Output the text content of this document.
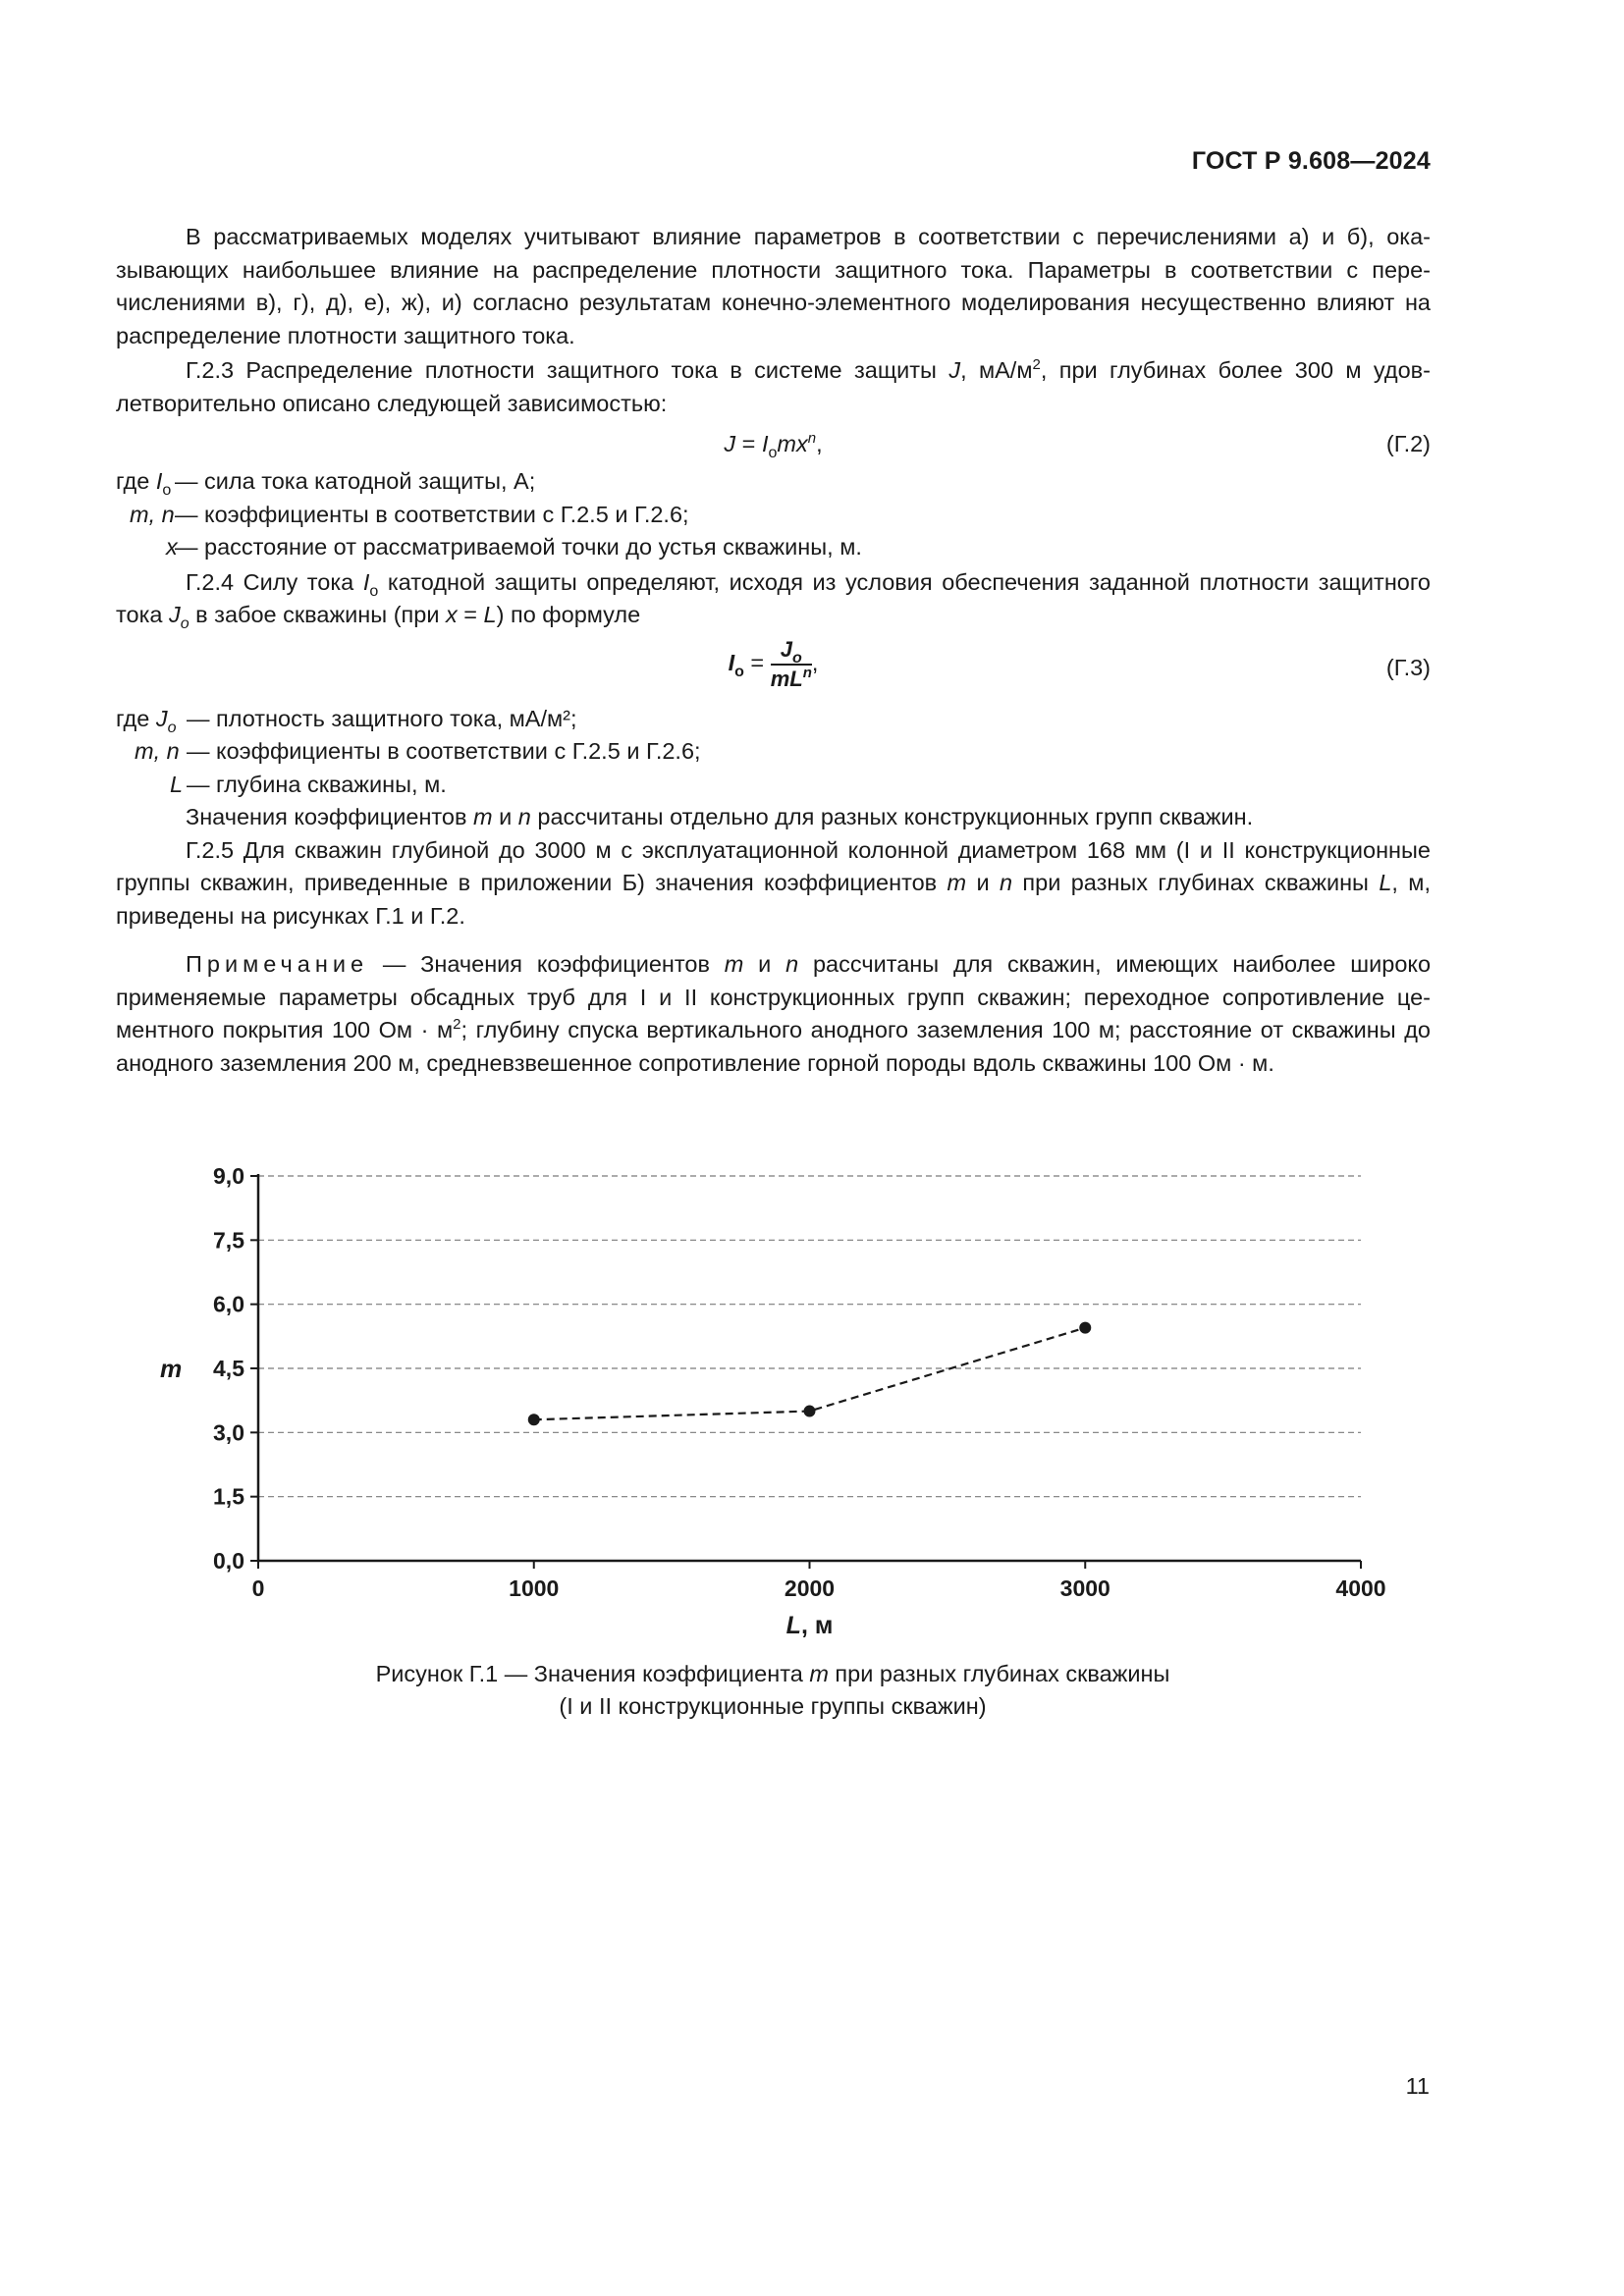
ГОСТ Р 9.608—2024

В рассматриваемых моделях учитывают влияние параметров в соответствии с перечислениями а) и б), оказывающих наибольшее влияние на распределение плотности защитного тока. Параметры в соответствии с перечислениями в), г), д), е), ж), и) согласно результатам конечно-элементного моделирования несущественно влияют на распределение плотности защитного тока.

Г.2.3 Распределение плотности защитного тока в системе защиты J, $мА/м^2$, при глубинах более 300 м удовлетворительно описано следующей зависимостью:

$J = I_omx^n$,	(Г.2)
где $I_o$ — сила тока катодной защиты, А;
m, n — коэффициенты в соответствии с Г.2.5 и Г.2.6;
x
— расстояние от рассматриваемой точки до устья скважины, м.

Г.2.4 Силу тока $I_o$ катодной защиты определяют, исходя из условия обеспечения заданной плотности защитного тока $J_o$ в забое скважины (при x = L) по формуле

$I_o = \frac{J_o}{mL^n}$ ,	(Г.3)
где $J_o$ — плотность защитного тока, мА/м²;
m, n — коэффициенты в соответствии с Г.2.5 и Г.2.6;
L — глубина скважины, м.

Значения коэффициентов m и n рассчитаны отдельно для разных конструкционных групп скважин.

Г.2.5 Для скважин глубиной до 3000 м с эксплуатационной колонной диаметром 168 мм (I и II конструкционные группы скважин, приведенные в приложении Б) значения коэффициентов m и n при разных глубинах скважины L, м, приведены на рисунках Г.1 и Г.2.

Примечание — Значения коэффициентов m и n рассчитаны для скважин, имеющих наиболее широко применяемые параметры обсадных труб для I и II конструкционных групп скважин; переходное сопротивление цементного покрытия 100 Ом · $м^2$; глубину спуска вертикального анодного заземления 100 м; расстояние от скважины до анодного заземления 200 м, средневзвешенное сопротивление горной породы вдоль скважины 100 Ом · м.

0,0
1,5
3,0
4,5
6,0
7,5
9,0
0	1000	2000	3000	4000
m
L, м
Рисунок Г.1 — Значения коэффициента m при разных глубинах скважины
(I и II конструкционные группы скважин)
11
